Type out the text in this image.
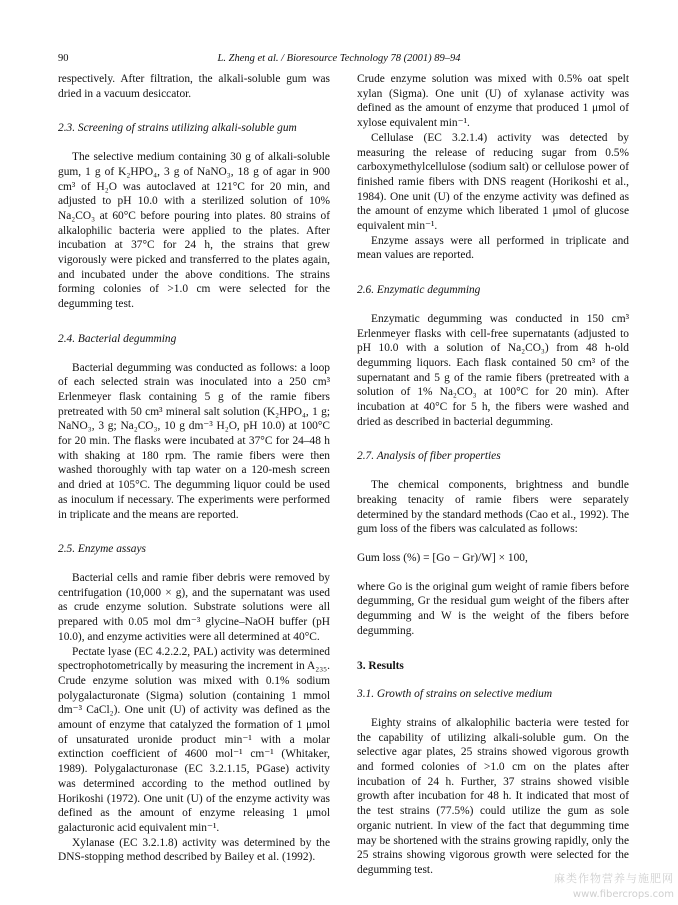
90	L. Zheng et al. / Bioresource Technology 78 (2001) 89–94

respectively. After filtration, the alkali-soluble gum was dried in a vacuum desiccator.

2.3. Screening of strains utilizing alkali-soluble gum

The selective medium containing 30 g of alkali-soluble gum, 1 g of K₂HPO₄, 3 g of NaNO₃, 18 g of agar in 900 cm³ of H₂O was autoclaved at 121°C for 20 min, and adjusted to pH 10.0 with a sterilized solution of 10% Na₂CO₃ at 60°C before pouring into plates. 80 strains of alkalophilic bacteria were applied to the plates. After incubation at 37°C for 24 h, the strains that grew vigorously were picked and transferred to the plates again, and incubated under the above conditions. The strains forming colonies of >1.0 cm were selected for the degumming test.

2.4. Bacterial degumming

Bacterial degumming was conducted as follows: a loop of each selected strain was inoculated into a 250 cm³ Erlenmeyer flask containing 5 g of the ramie fibers pretreated with 50 cm³ mineral salt solution (K₂HPO₄, 1 g; NaNO₃, 3 g; Na₂CO₃, 10 g dm⁻³ H₂O, pH 10.0) at 100°C for 20 min. The flasks were incubated at 37°C for 24–48 h with shaking at 180 rpm. The ramie fibers were then washed thoroughly with tap water on a 120-mesh screen and dried at 105°C. The degumming liquor could be used as inoculum if necessary. The experiments were performed in triplicate and the means are reported.

2.5. Enzyme assays

Bacterial cells and ramie fiber debris were removed by centrifugation (10,000 × g), and the supernatant was used as crude enzyme solution. Substrate solutions were all prepared with 0.05 mol dm⁻³ glycine–NaOH buffer (pH 10.0), and enzyme activities were all determined at 40°C.

Pectate lyase (EC 4.2.2.2, PAL) activity was determined spectrophotometrically by measuring the increment in A₂₃₅. Crude enzyme solution was mixed with 0.1% sodium polygalacturonate (Sigma) solution (containing 1 mmol dm⁻³ CaCl₂). One unit (U) of activity was defined as the amount of enzyme that catalyzed the formation of 1 μmol of unsaturated uronide product min⁻¹ with a molar extinction coefficient of 4600 mol⁻¹ cm⁻¹ (Whitaker, 1989). Polygalacturonase (EC 3.2.1.15, PGase) activity was determined according to the method outlined by Horikoshi (1972). One unit (U) of the enzyme activity was defined as the amount of enzyme releasing 1 μmol galacturonic acid equivalent min⁻¹.

Xylanase (EC 3.2.1.8) activity was determined by the DNS-stopping method described by Bailey et al. (1992).

Crude enzyme solution was mixed with 0.5% oat spelt xylan (Sigma). One unit (U) of xylanase activity was defined as the amount of enzyme that produced 1 μmol of xylose equivalent min⁻¹.

Cellulase (EC 3.2.1.4) activity was detected by measuring the release of reducing sugar from 0.5% carboxymethylcellulose (sodium salt) or cellulose power of finished ramie fibers with DNS reagent (Horikoshi et al., 1984). One unit (U) of the enzyme activity was defined as the amount of enzyme which liberated 1 μmol of glucose equivalent min⁻¹.

Enzyme assays were all performed in triplicate and mean values are reported.

2.6. Enzymatic degumming

Enzymatic degumming was conducted in 150 cm³ Erlenmeyer flasks with cell-free supernatants (adjusted to pH 10.0 with a solution of Na₂CO₃) from 48 h-old degumming liquors. Each flask contained 50 cm³ of the supernatant and 5 g of the ramie fibers (pretreated with a solution of 1% Na₂CO₃ at 100°C for 20 min). After incubation at 40°C for 5 h, the fibers were washed and dried as described in bacterial degumming.

2.7. Analysis of fiber properties

The chemical components, brightness and bundle breaking tenacity of ramie fibers were separately determined by the standard methods (Cao et al., 1992). The gum loss of the fibers was calculated as follows:

Gum loss (%) = [Go − Gr)/W] × 100,

where Go is the original gum weight of ramie fibers before degumming, Gr the residual gum weight of the fibers after degumming and W is the weight of the fibers before degumming.

3. Results
3.1. Growth of strains on selective medium

Eighty strains of alkalophilic bacteria were tested for the capability of utilizing alkali-soluble gum. On the selective agar plates, 25 strains showed vigorous growth and formed colonies of >1.0 cm on the plates after incubation of 24 h. Further, 37 strains showed visible growth after incubation for 48 h. It indicated that most of the test strains (77.5%) could utilize the gum as sole organic nutrient. In view of the fact that degumming time may be shortened with the strains growing rapidly, only the 25 strains showing vigorous growth were selected for the degumming test.

麻类作物营养与施肥网
www.fibercrops.com
